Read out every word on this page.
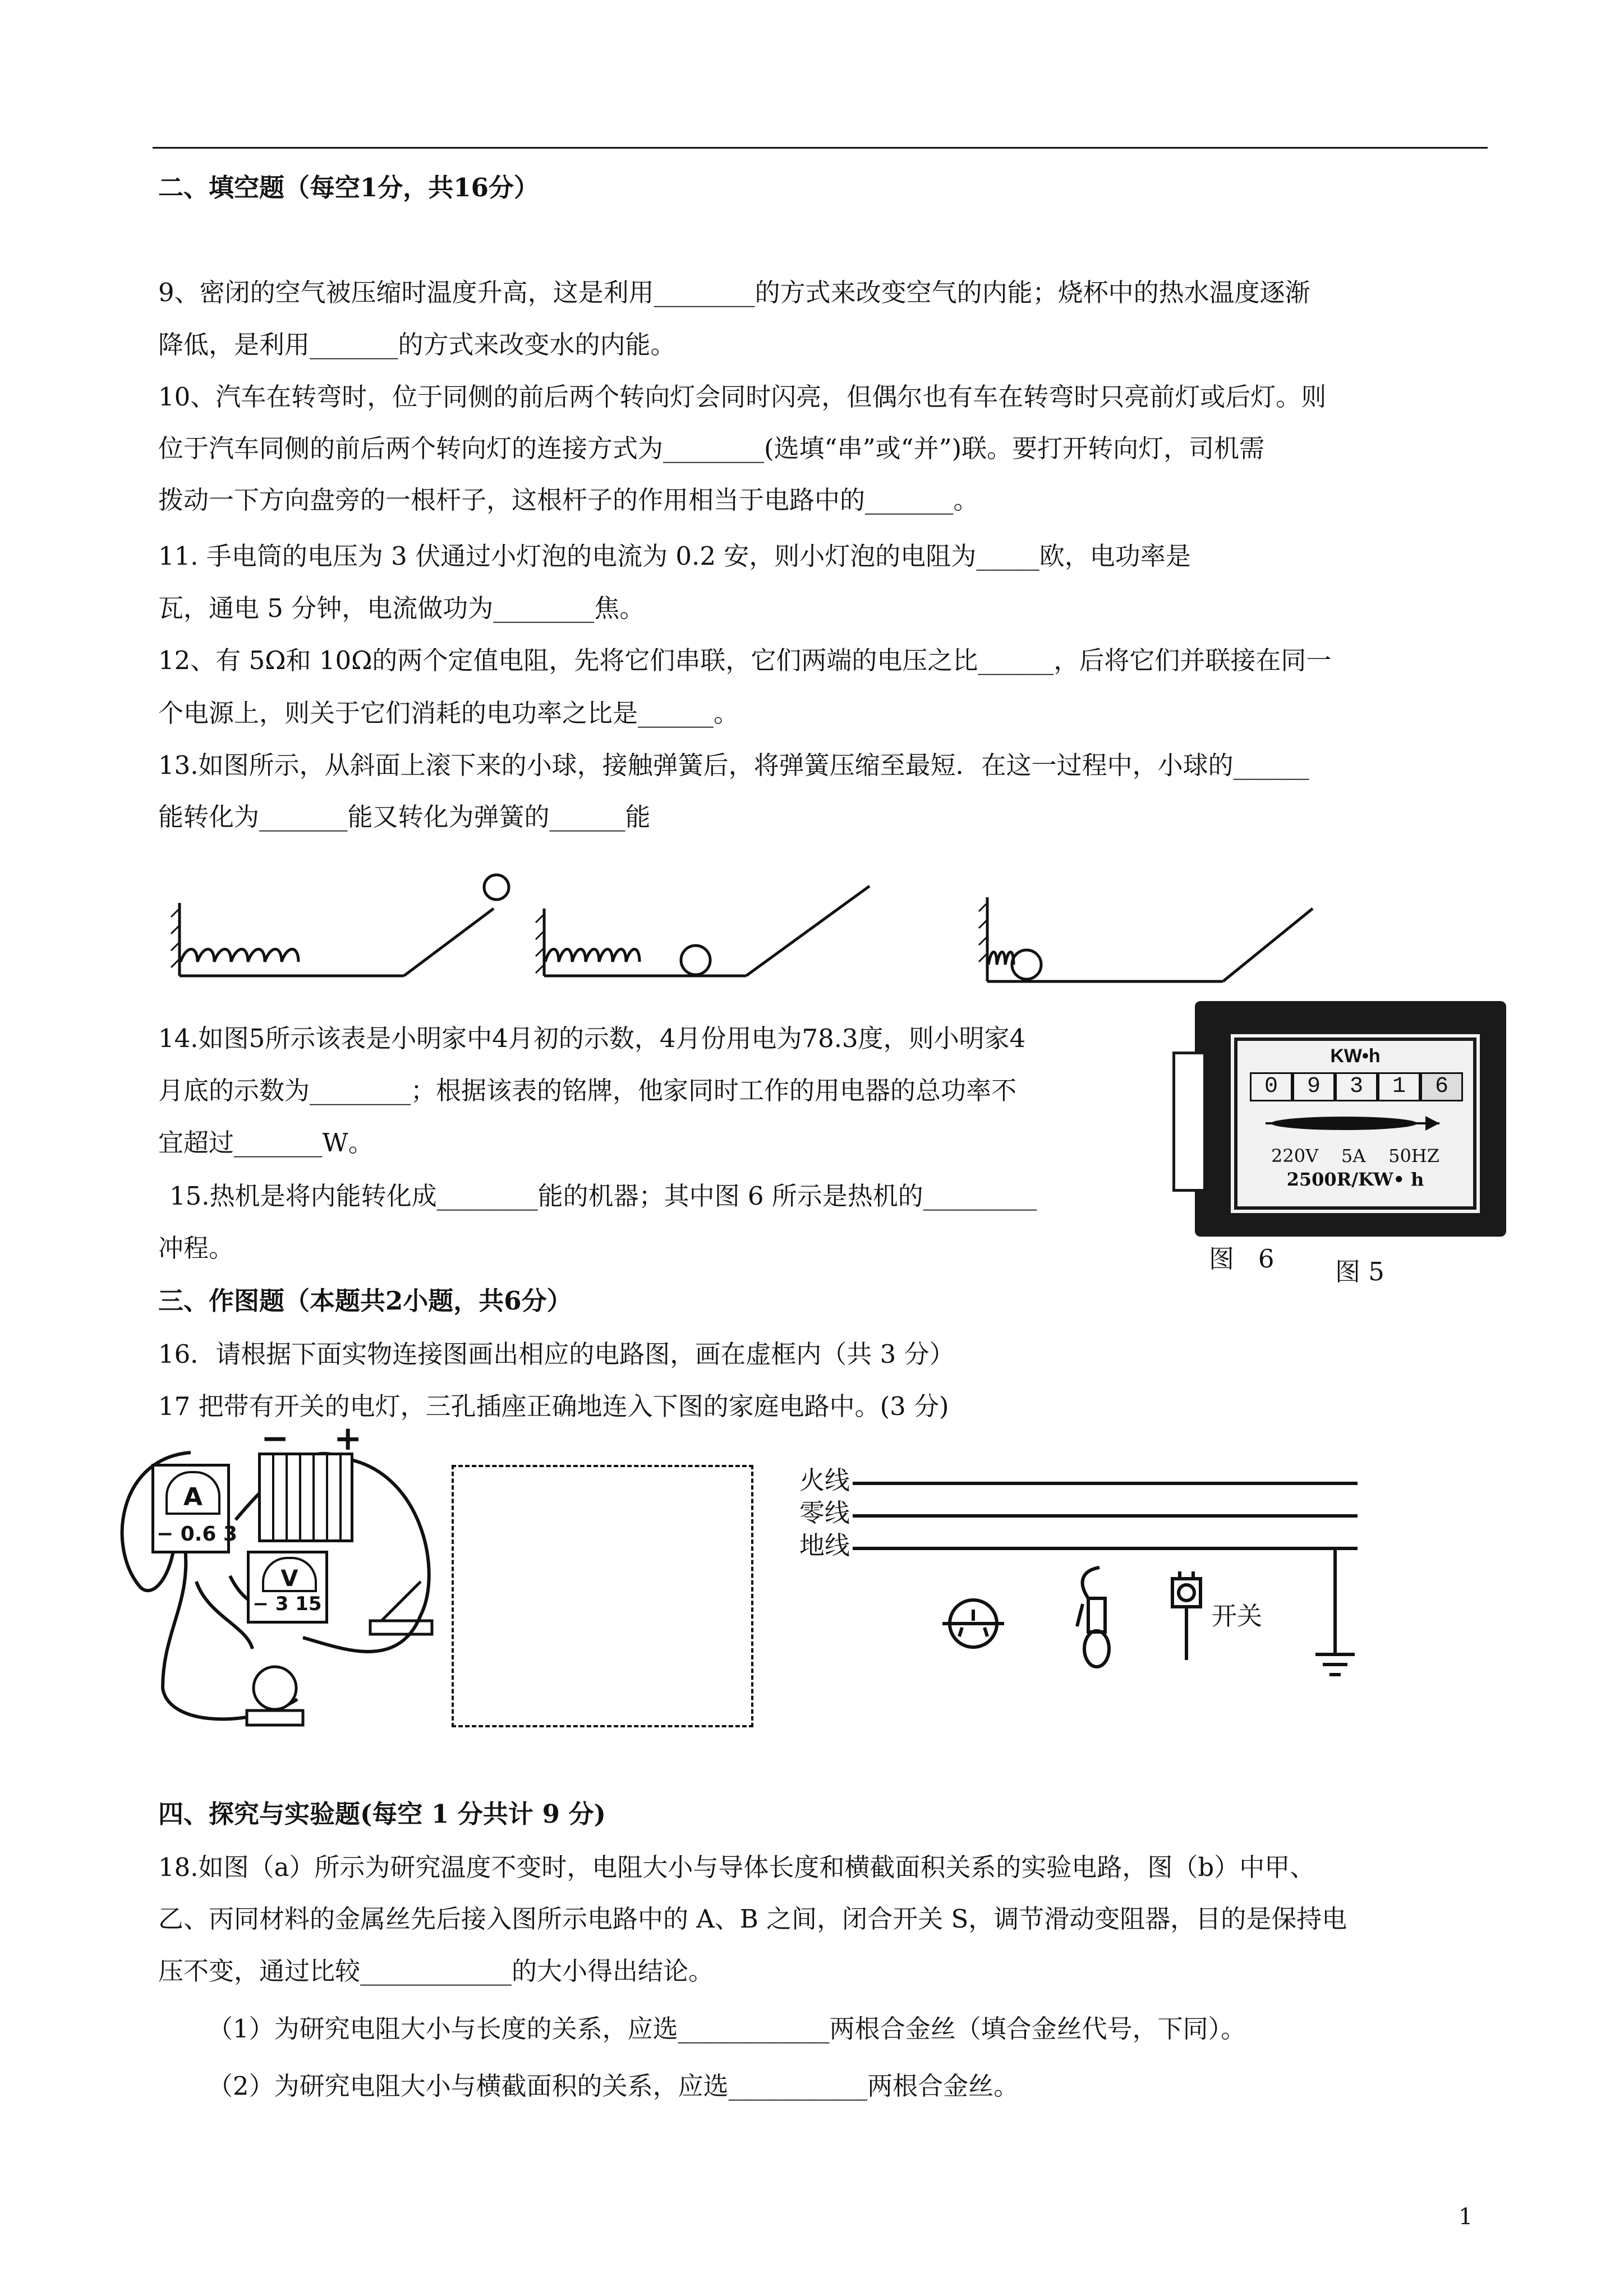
二、填空题（每空1分，共16分）
9、密闭的空气被压缩时温度升高，这是利用________的方式来改变空气的内能；烧杯中的热水温度逐渐
降低，是利用_______的方式来改变水的内能。
10、汽车在转弯时，位于同侧的前后两个转向灯会同时闪亮，但偶尔也有车在转弯时只亮前灯或后灯。则
位于汽车同侧的前后两个转向灯的连接方式为________(选填“串”或“并”)联。要打开转向灯，司机需
拨动一下方向盘旁的一根杆子，这根杆子的作用相当于电路中的_______。
11. 手电筒的电压为 3 伏通过小灯泡的电流为 0.2 安，则小灯泡的电阻为_____欧，电功率是
瓦，通电 5 分钟，电流做功为________焦。
12、有 5Ω和 10Ω的两个定值电阻，先将它们串联，它们两端的电压之比______，后将它们并联接在同一
个电源上，则关于它们消耗的电功率之比是______。
13.如图所示，从斜面上滚下来的小球，接触弹簧后，将弹簧压缩至最短．在这一过程中，小球的______
能转化为_______能又转化为弹簧的______能
14.如图5所示该表是小明家中4月初的示数，4月份用电为78.3度，则小明家4
月底的示数为________；根据该表的铭牌，他家同时工作的用电器的总功率不
宜超过_______W。
15.热机是将内能转化成________能的机器；其中图 6 所示是热机的_________
冲程。
KW•h
0	9	3	1	6
220V    5A    50HZ
2500R/KW• h
图   6 图 5
三、作图题（本题共2小题，共6分）
16．请根据下面实物连接图画出相应的电路图，画在虚框内（共 3 分）
17 把带有开关的电灯，三孔插座正确地连入下图的家庭电路中。(3 分)
− +
A
− 0.6 3
V
− 3 15
火线
零线
地线
开关
四、探究与实验题(每空 1 分共计 9 分)
18.如图（a）所示为研究温度不变时，电阻大小与导体长度和横截面积关系的实验电路，图（b）中甲、
乙、丙同材料的金属丝先后接入图所示电路中的 A、B 之间，闭合开关 S，调节滑动变阻器，目的是保持电
压不变，通过比较____________的大小得出结论。
（1）为研究电阻大小与长度的关系，应选____________两根合金丝（填合金丝代号，下同）。
（2）为研究电阻大小与横截面积的关系，应选___________两根合金丝。
1
